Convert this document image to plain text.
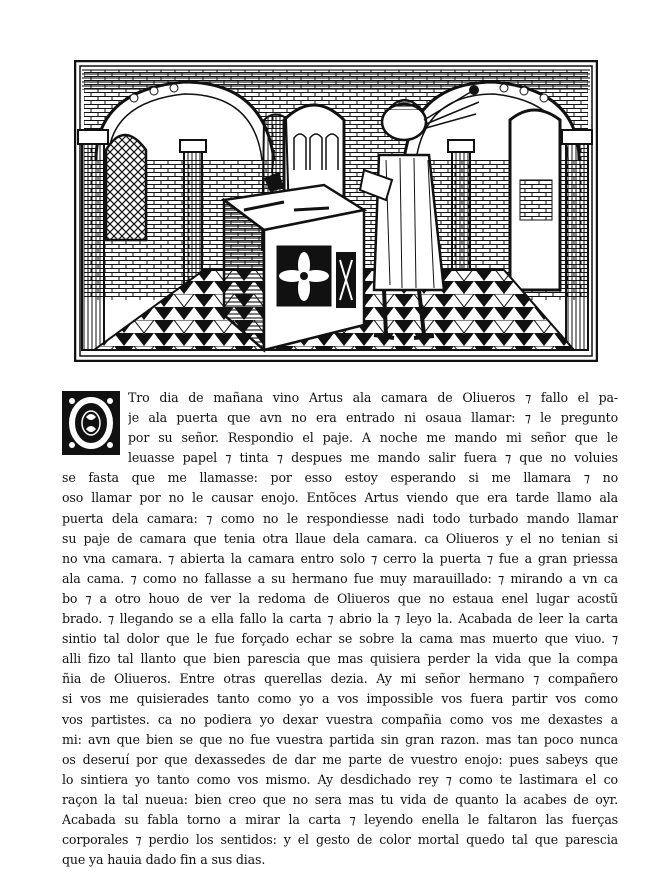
Tro dia de mañana vino Artus ala camara de Oliueros ⁊ fallo el pa-
je ala puerta que avn no era entrado ni osaua llamar: ⁊ le pregunto
por su señor. Respondio el paje. A noche me mando mi señor que le
leuasse papel ⁊ tinta ⁊ despues me mando salir fuera ⁊ que no voluies
se fasta que me llamasse: por esso estoy esperando si me llamara ⁊ no
oso llamar por no le causar enojo. Entõces Artus viendo que era tarde llamo ala
puerta dela camara: ⁊ como no le respondiesse nadi todo turbado mando llamar
su paje de camara que tenia otra llaue dela camara. ca Oliueros y el no tenian si
no vna camara. ⁊ abierta la camara entro solo ⁊ cerro la puerta ⁊ fue a gran priessa
ala cama. ⁊ como no fallasse a su hermano fue muy marauillado: ⁊ mirando a vn ca
bo ⁊ a otro houo de ver la redoma de Oliueros que no estaua enel lugar acostũ
brado. ⁊ llegando se a ella fallo la carta ⁊ abrio la ⁊ leyo la. Acabada de leer la carta
sintio tal dolor que le fue forçado echar se sobre la cama mas muerto que viuo. ⁊
alli fizo tal llanto que bien parescia que mas quisiera perder la vida que la compa
ñia de Oliueros. Entre otras querellas dezia. Ay mi señor hermano ⁊ compañero
si vos me quisierades tanto como yo a vos impossible vos fuera partir vos como
vos partistes. ca no podiera yo dexar vuestra compañia como vos me dexastes a
mi: avn que bien se que no fue vuestra partida sin gran razon. mas tan poco nunca
os deseruí por que dexassedes de dar me parte de vuestro enojo: pues sabeys que
lo sintiera yo tanto como vos mismo. Ay desdichado rey ⁊ como te lastimara el co
raçon la tal nueua: bien creo que no sera mas tu vida de quanto la acabes de oyr.
Acabada su fabla torno a mirar la carta ⁊ leyendo enella le faltaron las fuerças
corporales ⁊ perdio los sentidos: y el gesto de color mortal quedo tal que parescia
que ya hauia dado fin a sus dias.
